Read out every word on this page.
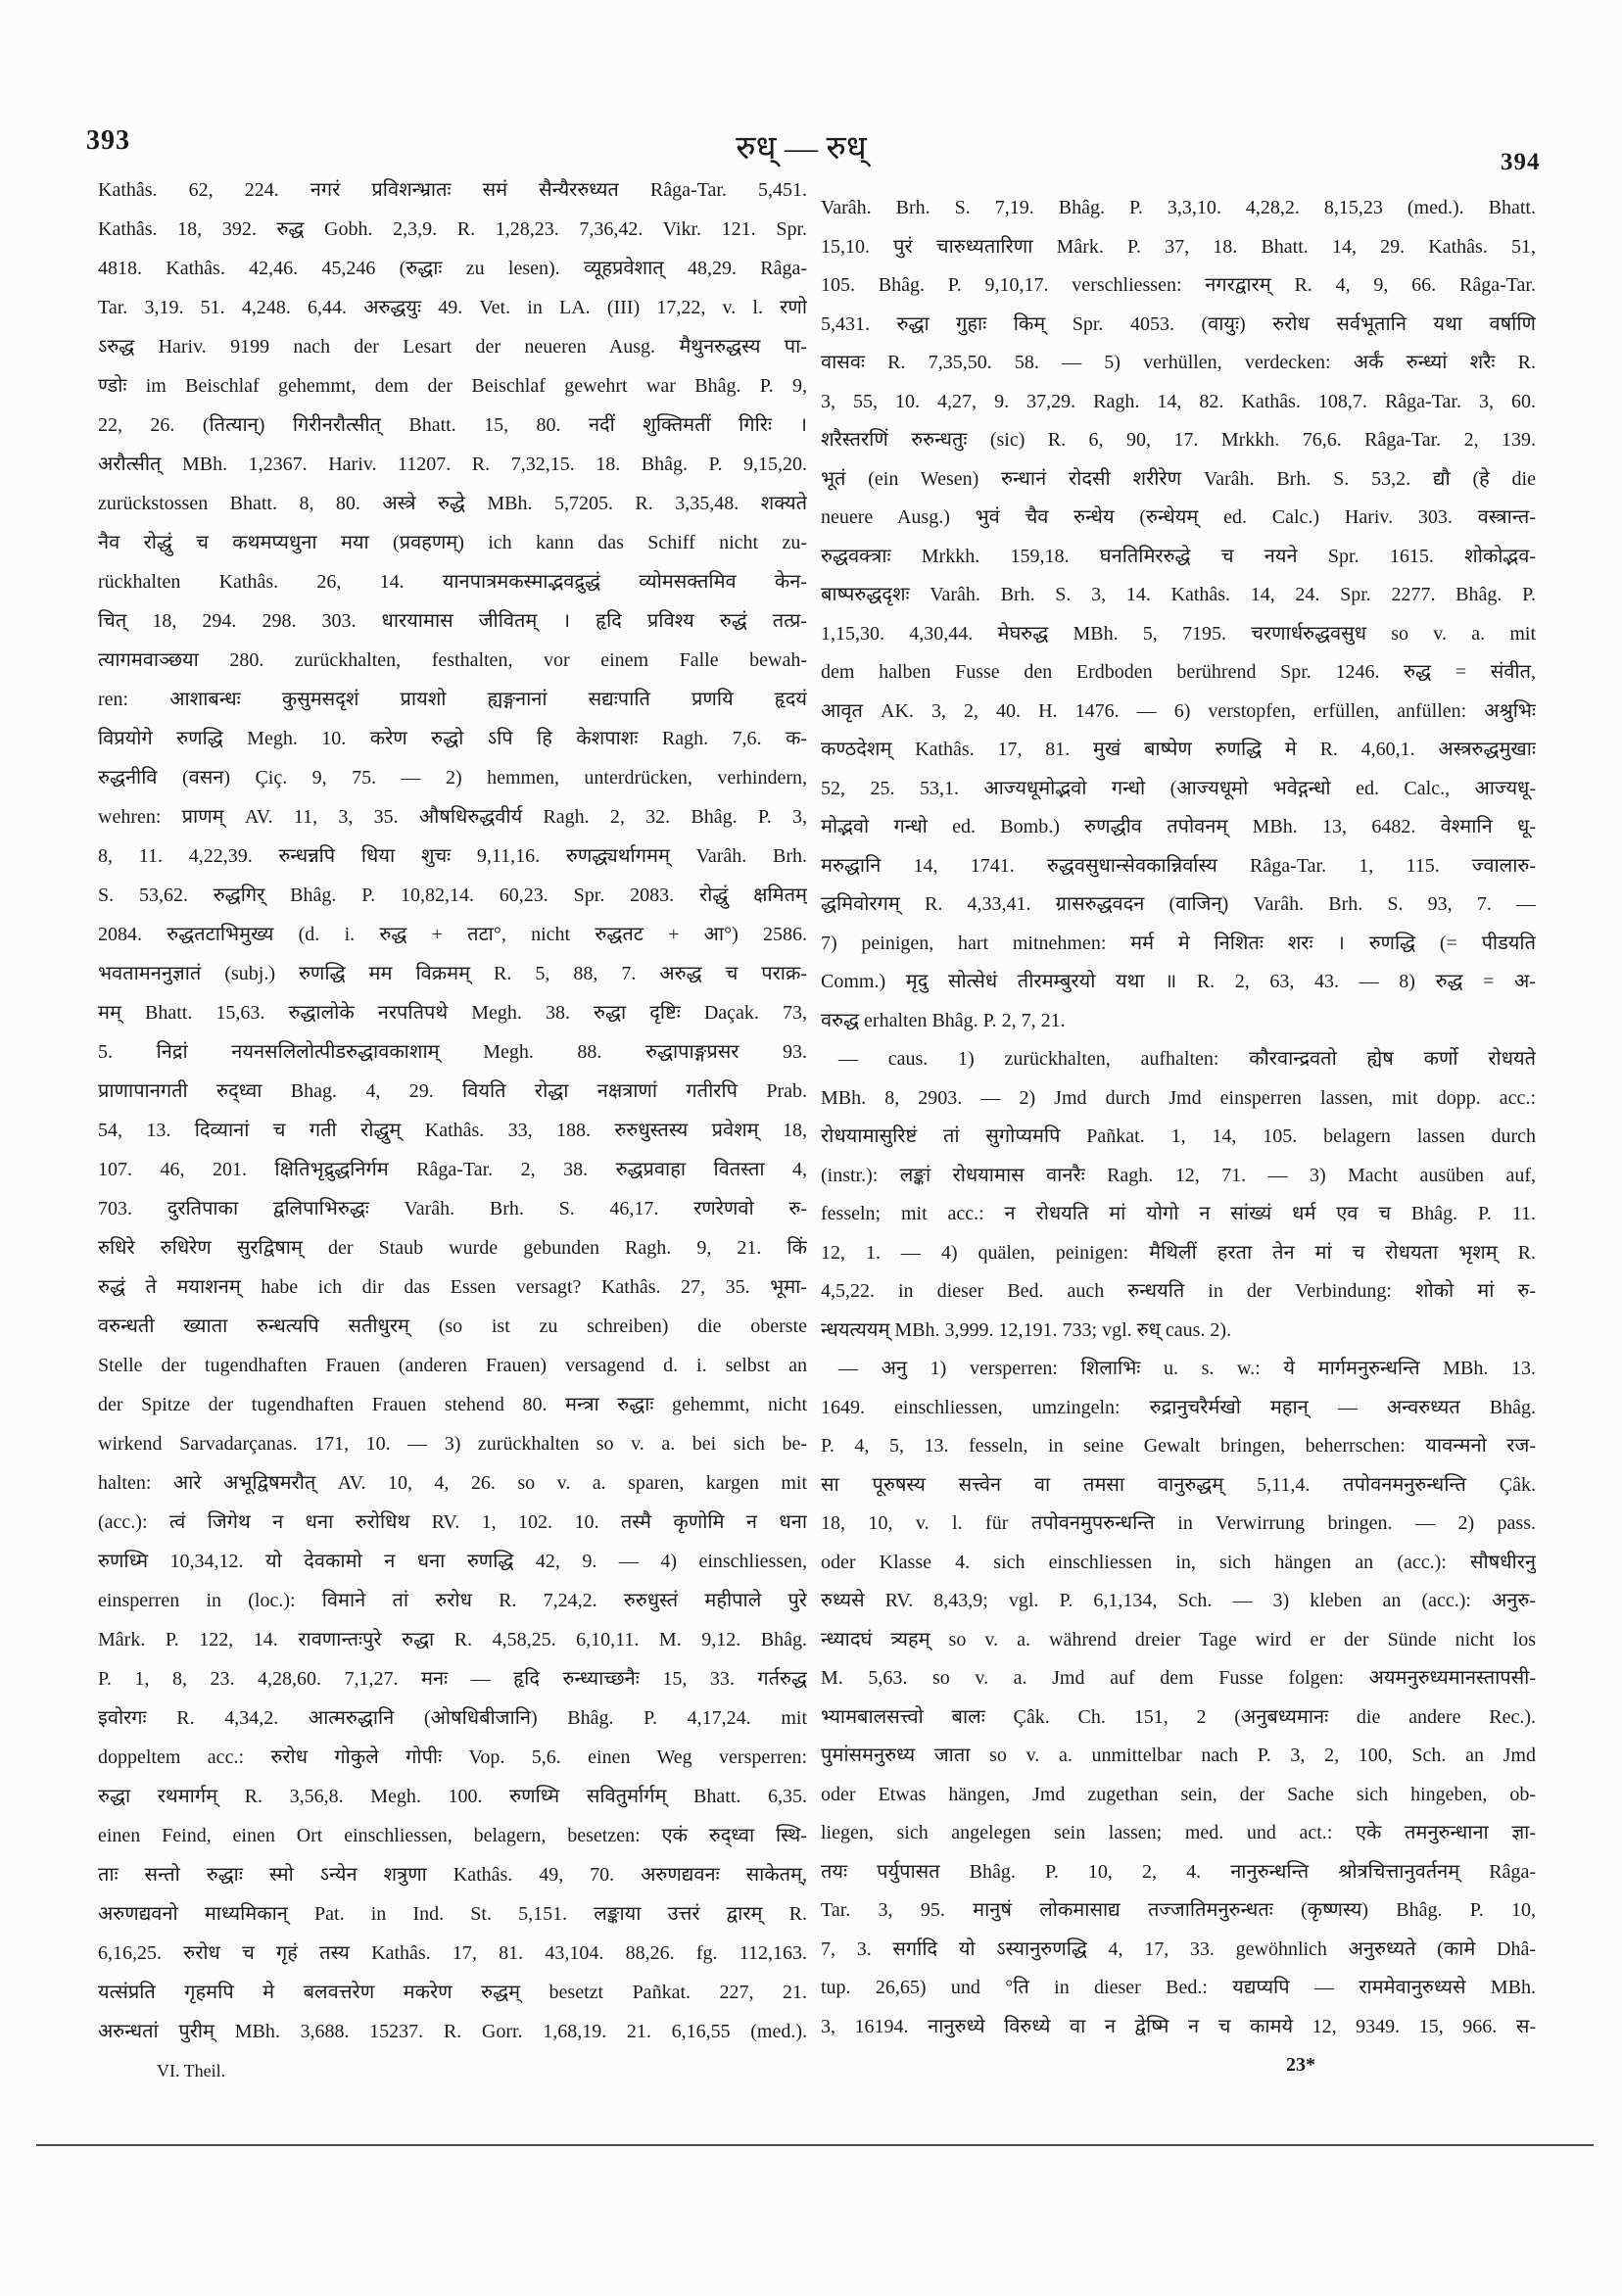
393	रुध् — रुध्	394
Kathâs. 62, 224. नगरं प्रविशन्भ्रातः समं सैन्यैररुध्यत Râga-Tar. 5,451.
Kathâs. 18, 392. रुद्ध Gobh. 2,3,9. R. 1,28,23. 7,36,42. Vikr. 121. Spr.
4818. Kathâs. 42,46. 45,246 (रुद्धाः zu lesen). व्यूहप्रवेशात् 48,29. Râga-
Tar. 3,19. 51. 4,248. 6,44. अरुद्धयुः 49. Vet. in LA. (III) 17,22, v. l. रणो
ऽरुद्ध Hariv. 9199 nach der Lesart der neueren Ausg. मैथुनरुद्धस्य पा-
ण्डोः im Beischlaf gehemmt, dem der Beischlaf gewehrt war Bhâg. P. 9,
22, 26. (तित्यान्) गिरीनरौत्सीत् Bhatt. 15, 80. नदीं शुक्तिमतीं गिरिः ।
अरौत्सीत् MBh. 1,2367. Hariv. 11207. R. 7,32,15. 18. Bhâg. P. 9,15,20.
zurückstossen Bhatt. 8, 80. अस्त्रे रुद्धे MBh. 5,7205. R. 3,35,48. शक्यते
नैव रोद्धुं च कथमप्यधुना मया (प्रवहणम्) ich kann das Schiff nicht zu-
rückhalten Kathâs. 26, 14. यानपात्रमकस्माद्भवद्रुद्धं व्योमसक्तमिव केन-
चित् 18, 294. 298. 303. धारयामास जीवितम् । हृदि प्रविश्य रुद्धं तत्प्र-
त्यागमवाञ्छया 280. zurückhalten, festhalten, vor einem Falle bewah-
ren: आशाबन्धः कुसुमसदृशं प्रायशो ह्यङ्गनानां सद्यःपाति प्रणयि हृदयं
विप्रयोगे रुणद्धि Megh. 10. करेण रुद्धो ऽपि हि केशपाशः Ragh. 7,6. क-
रुद्धनीवि (वसन) Çiç. 9, 75. — 2) hemmen, unterdrücken, verhindern,
wehren: प्राणम् AV. 11, 3, 35. औषधिरुद्धवीर्य Ragh. 2, 32. Bhâg. P. 3,
8, 11. 4,22,39. रुन्धन्नपि धिया शुचः 9,11,16. रुणद्ध्यर्थागमम् Varâh. Brh.
S. 53,62. रुद्धगिर् Bhâg. P. 10,82,14. 60,23. Spr. 2083. रोद्धुं क्षमितम्
2084. रुद्धतटाभिमुख्य (d. i. रुद्ध + तटा°, nicht रुद्धतट + आ°) 2586.
भवतामननुज्ञातं (subj.) रुणद्धि मम विक्रमम् R. 5, 88, 7. अरुद्ध च पराक्र-
मम् Bhatt. 15,63. रुद्धालोके नरपतिपथे Megh. 38. रुद्धा दृष्टिः Daçak. 73,
5. निद्रां नयनसलिलोत्पीडरुद्धावकाशाम् Megh. 88. रुद्धापाङ्गप्रसर 93.
प्राणापानगती रुद्ध्वा Bhag. 4, 29. वियति रोद्धा नक्षत्राणां गतीरपि Prab.
54, 13. दिव्यानां च गती रोद्धुम् Kathâs. 33, 188. रुरुधुस्तस्य प्रवेशम् 18,
107. 46, 201. क्षितिभृद्रुद्धनिर्गम Râga-Tar. 2, 38. रुद्धप्रवाहा वितस्ता 4,
703. दुरतिपाका द्वलिपाभिरुद्धः Varâh. Brh. S. 46,17. रणरेणवो रु-
रुधिरे रुधिरेण सुरद्विषाम् der Staub wurde gebunden Ragh. 9, 21. किं
रुद्धं ते मयाशनम् habe ich dir das Essen versagt? Kathâs. 27, 35. भूमा-
वरुन्धती ख्याता रुन्धत्यपि सतीधुरम् (so ist zu schreiben) die oberste
Stelle der tugendhaften Frauen (anderen Frauen) versagend d. i. selbst an
der Spitze der tugendhaften Frauen stehend 80. मन्त्रा रुद्धाः gehemmt, nicht
wirkend Sarvadarçanas. 171, 10. — 3) zurückhalten so v. a. bei sich be-
halten: आरे अभूद्विषमरौत् AV. 10, 4, 26. so v. a. sparen, kargen mit
(acc.): त्वं जिगेथ न धना रुरोधिथ RV. 1, 102. 10. तस्मै कृणोमि न धना
रुणध्मि 10,34,12. यो देवकामो न धना रुणद्धि 42, 9. — 4) einschliessen,
einsperren in (loc.): विमाने तां रुरोध R. 7,24,2. रुरुधुस्तं महीपाले पुरे
Mârk. P. 122, 14. रावणान्तःपुरे रुद्धा R. 4,58,25. 6,10,11. M. 9,12. Bhâg.
P. 1, 8, 23. 4,28,60. 7,1,27. मनः — हृदि रुन्ध्याच्छनैः 15, 33. गर्तरुद्ध
इवोरगः R. 4,34,2. आत्मरुद्धानि (ओषधिबीजानि) Bhâg. P. 4,17,24. mit
doppeltem acc.: रुरोध गोकुले गोपीः Vop. 5,6. einen Weg versperren:
रुद्धा रथमार्गम् R. 3,56,8. Megh. 100. रुणध्मि सवितुर्मार्गम् Bhatt. 6,35.
einen Feind, einen Ort einschliessen, belagern, besetzen: एकं रुद्ध्वा स्थि-
ताः सन्तो रुद्धाः स्मो ऽन्येन शत्रुणा Kathâs. 49, 70. अरुणद्यवनः साकेतम्,
अरुणद्यवनो माध्यमिकान् Pat. in Ind. St. 5,151. लङ्काया उत्तरं द्वारम् R.
6,16,25. रुरोध च गृहं तस्य Kathâs. 17, 81. 43,104. 88,26. fg. 112,163.
यत्संप्रति गृहमपि मे बलवत्तरेण मकरेण रुद्धम् besetzt Pañkat. 227, 21.
अरुन्धतां पुरीम् MBh. 3,688. 15237. R. Gorr. 1,68,19. 21. 6,16,55 (med.).
VI. Theil.
Varâh. Brh. S. 7,19. Bhâg. P. 3,3,10. 4,28,2. 8,15,23 (med.). Bhatt.
15,10. पुरं चारुध्यतारिणा Mârk. P. 37, 18. Bhatt. 14, 29. Kathâs. 51,
105. Bhâg. P. 9,10,17. verschliessen: नगरद्वारम् R. 4, 9, 66. Râga-Tar.
5,431. रुद्धा गुहाः किम् Spr. 4053. (वायुः) रुरोध सर्वभूतानि यथा वर्षाणि
वासवः R. 7,35,50. 58. — 5) verhüllen, verdecken: अर्कं रुन्ध्यां शरैः R.
3, 55, 10. 4,27, 9. 37,29. Ragh. 14, 82. Kathâs. 108,7. Râga-Tar. 3, 60.
शरैस्तरणिं रुरुन्धतुः (sic) R. 6, 90, 17. Mrkkh. 76,6. Râga-Tar. 2, 139.
भूतं (ein Wesen) रुन्धानं रोदसी शरीरेण Varâh. Brh. S. 53,2. द्यौ (हे die
neuere Ausg.) भुवं चैव रुन्धेय (रुन्धेयम् ed. Calc.) Hariv. 303. वस्त्रान्त-
रुद्धवक्त्राः Mrkkh. 159,18. घनतिमिररुद्धे च नयने Spr. 1615. शोकोद्भव-
बाष्परुद्धदृशः Varâh. Brh. S. 3, 14. Kathâs. 14, 24. Spr. 2277. Bhâg. P.
1,15,30. 4,30,44. मेघरुद्ध MBh. 5, 7195. चरणार्धरुद्धवसुध so v. a. mit
dem halben Fusse den Erdboden berührend Spr. 1246. रुद्ध = संवीत,
आवृत AK. 3, 2, 40. H. 1476. — 6) verstopfen, erfüllen, anfüllen: अश्रुभिः
कण्ठदेशम् Kathâs. 17, 81. मुखं बाष्पेण रुणद्धि मे R. 4,60,1. अस्त्ररुद्धमुखाः
52, 25. 53,1. आज्यधूमोद्भवो गन्धो (आज्यधूमो भवेद्गन्धो ed. Calc., आज्यधू-
मोद्भवो गन्धो ed. Bomb.) रुणद्धीव तपोवनम् MBh. 13, 6482. वेश्मानि धू-
मरुद्धानि 14, 1741. रुद्धवसुधान्सेवकान्निर्वास्य Râga-Tar. 1, 115. ज्वालारु-
द्धमिवोरगम् R. 4,33,41. ग्रासरुद्धवदन (वाजिन्) Varâh. Brh. S. 93, 7. —
7) peinigen, hart mitnehmen: मर्म मे निशितः शरः । रुणद्धि (= पीडयति
Comm.) मृदु सोत्सेधं तीरमम्बुरयो यथा ॥ R. 2, 63, 43. — 8) रुद्ध = अ-
वरुद्ध erhalten Bhâg. P. 2, 7, 21.
— caus. 1) zurückhalten, aufhalten: कौरवान्द्रवतो ह्येष कर्णो रोधयते
MBh. 8, 2903. — 2) Jmd durch Jmd einsperren lassen, mit dopp. acc.:
रोधयामासुरिष्टं तां सुगोप्यमपि Pañkat. 1, 14, 105. belagern lassen durch
(instr.): लङ्कां रोधयामास वानरैः Ragh. 12, 71. — 3) Macht ausüben auf,
fesseln; mit acc.: न रोधयति मां योगो न सांख्यं धर्म एव च Bhâg. P. 11.
12, 1. — 4) quälen, peinigen: मैथिलीं हरता तेन मां च रोधयता भृशम् R.
4,5,22. in dieser Bed. auch रुन्धयति in der Verbindung: शोको मां रु-
न्धयत्ययम् MBh. 3,999. 12,191. 733; vgl. रुध् caus. 2).
— अनु 1) versperren: शिलाभिः u. s. w.: ये मार्गमनुरुन्धन्ति MBh. 13.
1649. einschliessen, umzingeln: रुद्रानुचरैर्मखो महान् — अन्वरुध्यत Bhâg.
P. 4, 5, 13. fesseln, in seine Gewalt bringen, beherrschen: यावन्मनो रज-
सा पूरुषस्य सत्त्वेन वा तमसा वानुरुद्धम् 5,11,4. तपोवनमनुरुन्धन्ति Çâk.
18, 10, v. l. für तपोवनमुपरुन्धन्ति in Verwirrung bringen. — 2) pass.
oder Klasse 4. sich einschliessen in, sich hängen an (acc.): सौषधीरनु
रुध्यसे RV. 8,43,9; vgl. P. 6,1,134, Sch. — 3) kleben an (acc.): अनुरु-
न्ध्यादघं त्र्यहम् so v. a. während dreier Tage wird er der Sünde nicht los
M. 5,63. so v. a. Jmd auf dem Fusse folgen: अयमनुरुध्यमानस्तापसी-
भ्यामबालसत्त्वो बालः Çâk. Ch. 151, 2 (अनुबध्यमानः die andere Rec.).
पुमांसमनुरुध्य जाता so v. a. unmittelbar nach P. 3, 2, 100, Sch. an Jmd
oder Etwas hängen, Jmd zugethan sein, der Sache sich hingeben, ob-
liegen, sich angelegen sein lassen; med. und act.: एके तमनुरुन्धाना ज्ञा-
तयः पर्युपासत Bhâg. P. 10, 2, 4. नानुरुन्धन्ति श्रोत्रचित्तानुवर्तनम् Râga-
Tar. 3, 95. मानुषं लोकमासाद्य तज्जातिमनुरुन्धतः (कृष्णस्य) Bhâg. P. 10,
7, 3. सर्गादि यो ऽस्यानुरुणद्धि 4, 17, 33. gewöhnlich अनुरुध्यते (कामे Dhâ-
tup. 26,65) und °ति in dieser Bed.: यद्यप्यपि — राममेवानुरुध्यसे MBh.
3, 16194. नानुरुध्ये विरुध्ये वा न द्वेष्मि न च कामये 12, 9349. 15, 966. स-
23*
